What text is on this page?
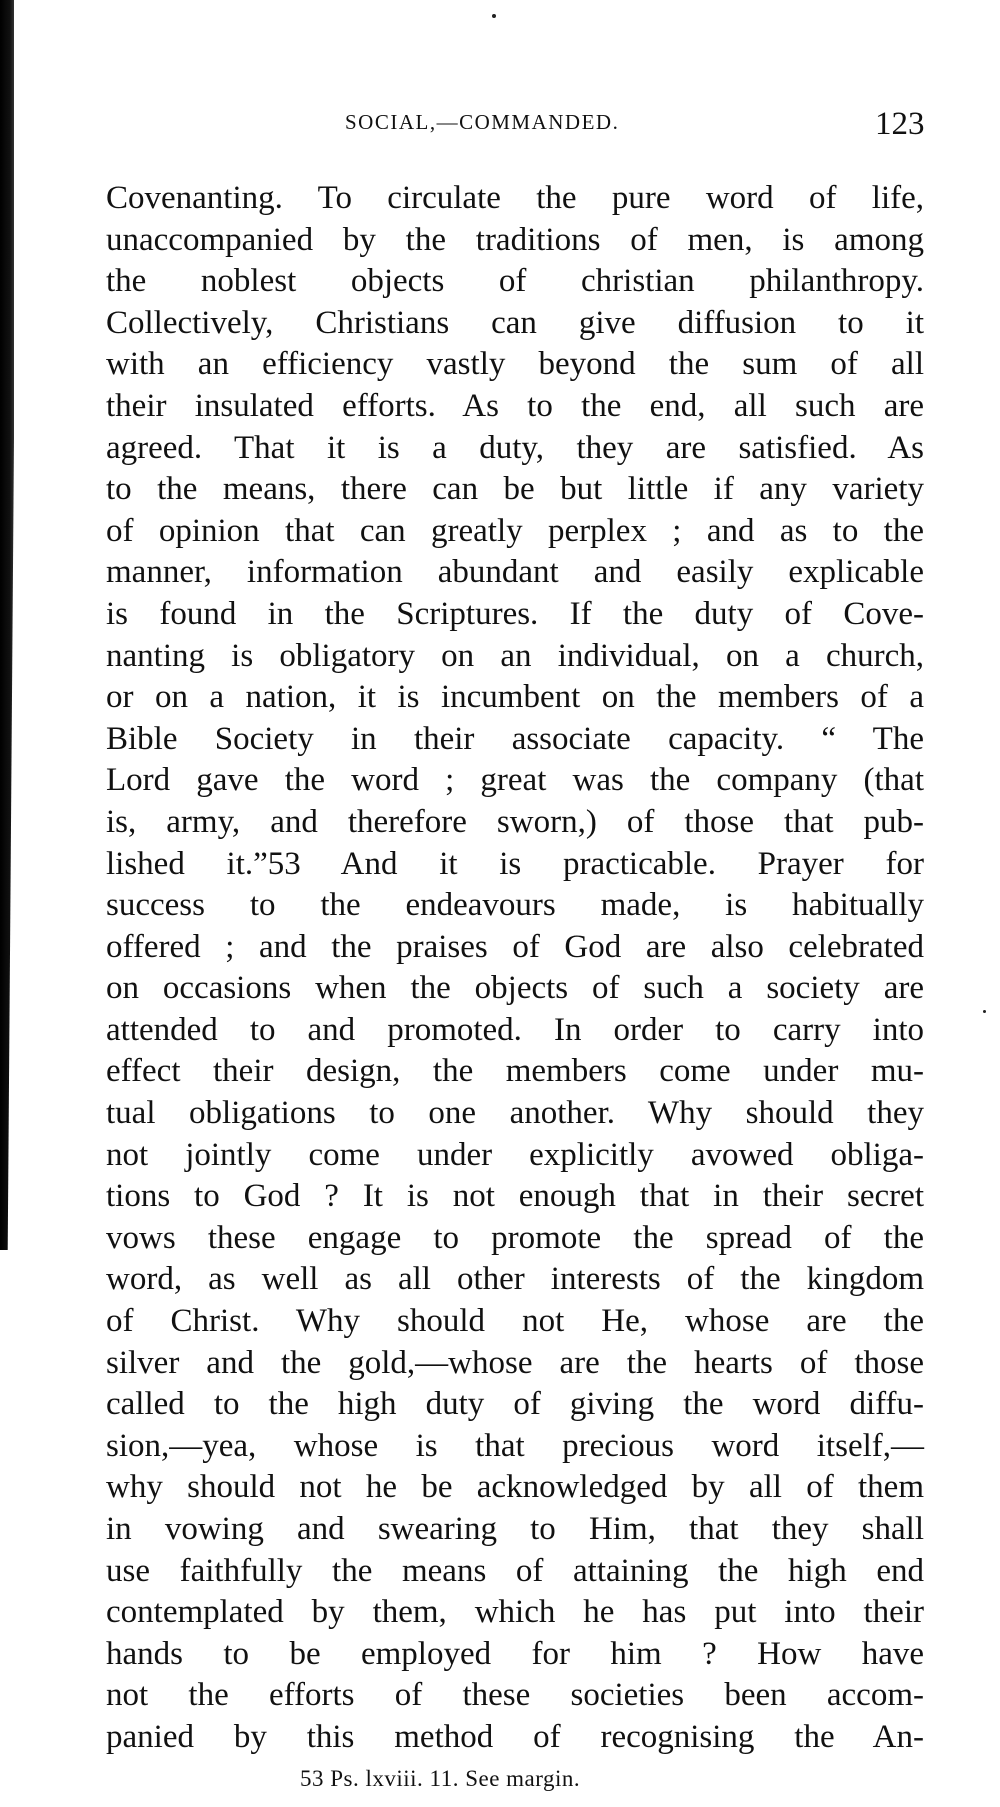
SOCIAL,—COMMANDED.	123
Covenanting. To circulate the pure word of life,
unaccompanied by the traditions of men, is among
the noblest objects of christian philanthropy.
Collectively, Christians can give diffusion to it
with an efficiency vastly beyond the sum of all
their insulated efforts. As to the end, all such are
agreed. That it is a duty, they are satisfied. As
to the means, there can be but little if any variety
of opinion that can greatly perplex ; and as to the
manner, information abundant and easily explicable
is found in the Scriptures. If the duty of Cove-
nanting is obligatory on an individual, on a church,
or on a nation, it is incumbent on the members of a
Bible Society in their associate capacity. “ The
Lord gave the word ; great was the company (that
is, army, and therefore sworn,) of those that pub-
lished it.”53 And it is practicable. Prayer for
success to the endeavours made, is habitually
offered ; and the praises of God are also celebrated
on occasions when the objects of such a society are
attended to and promoted. In order to carry into
effect their design, the members come under mu-
tual obligations to one another. Why should they
not jointly come under explicitly avowed obliga-
tions to God ? It is not enough that in their secret
vows these engage to promote the spread of the
word, as well as all other interests of the kingdom
of Christ. Why should not He, whose are the
silver and the gold,—whose are the hearts of those
called to the high duty of giving the word diffu-
sion,—yea, whose is that precious word itself,—
why should not he be acknowledged by all of them
in vowing and swearing to Him, that they shall
use faithfully the means of attaining the high end
contemplated by them, which he has put into their
hands to be employed for him ? How have
not the efforts of these societies been accom-
panied by this method of recognising the An-
53 Ps. lxviii. 11. See margin.
